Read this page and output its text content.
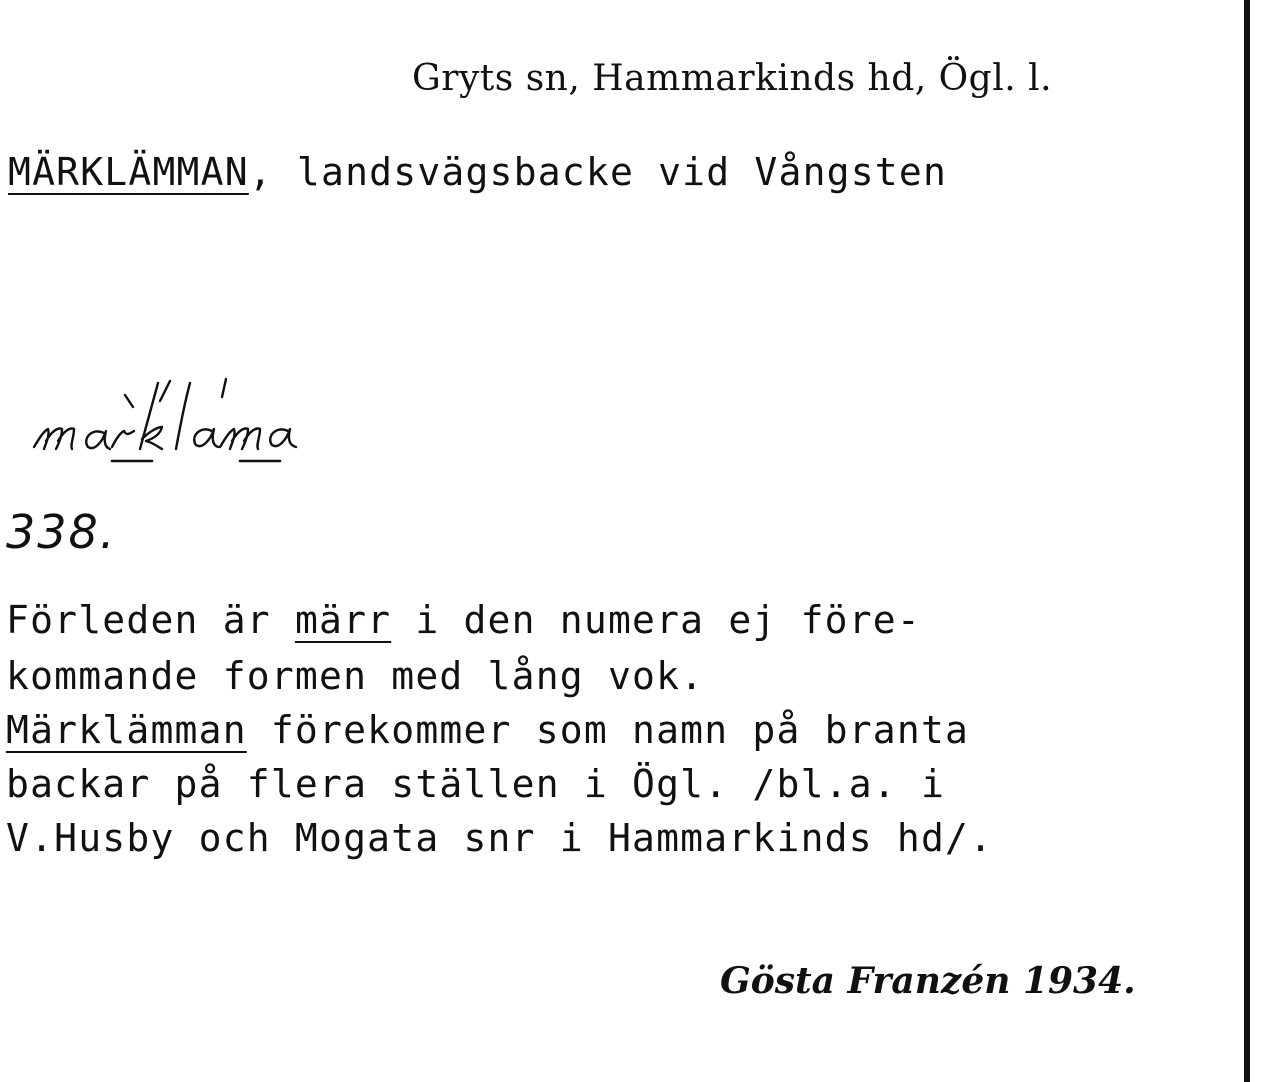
Gryts sn, Hammarkinds hd, Ögl. l.
MÄRKLÄMMAN, landsvägsbacke vid Vångsten
338.
Förleden är märr i den numera ej före-
kommande formen med lång vok.
Märklämman förekommer som namn på branta
backar på flera ställen i Ögl. /bl.a. i
V.Husby och Mogata snr i Hammarkinds hd/.
Gösta Franzén 1934.
